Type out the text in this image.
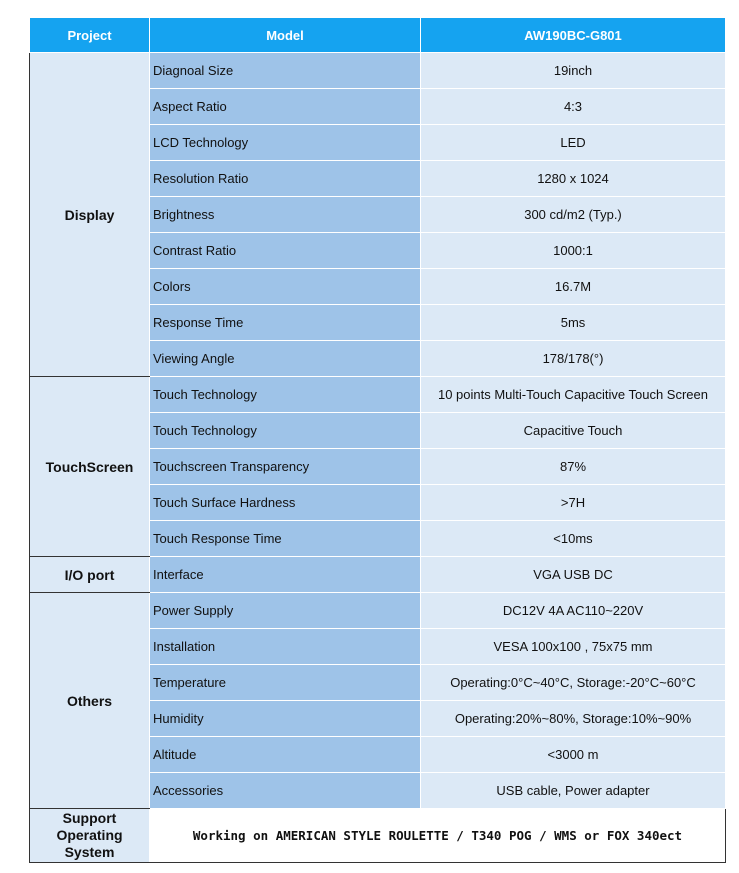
Project	Model	AW190BC-G801
Display	Diagnoal Size	19inch
	Aspect Ratio	4:3
	LCD Technology	LED
	Resolution Ratio	1280 x 1024
	Brightness	300 cd/m2 (Typ.)
	Contrast Ratio	1000:1
	Colors	16.7M
	Response Time	5ms
	Viewing Angle	178/178(°)
TouchScreen	Touch Technology	10 points Multi-Touch Capacitive Touch Screen
	Touch Technology	Capacitive Touch
	Touchscreen Transparency	87%
	Touch Surface Hardness	>7H
	Touch Response Time	<10ms
I/O port	Interface	VGA USB DC
Others	Power Supply	DC12V 4A AC110~220V
	Installation	VESA 100x100 , 75x75 mm
	Temperature	Operating:0°C~40°C, Storage:-20°C~60°C
	Humidity	Operating:20%~80%, Storage:10%~90%
	Altitude	<3000 m
	Accessories	USB cable, Power adapter
Support Operating System	Working on AMERICAN STYLE ROULETTE / T340 POG / WMS or FOX 340ect	
